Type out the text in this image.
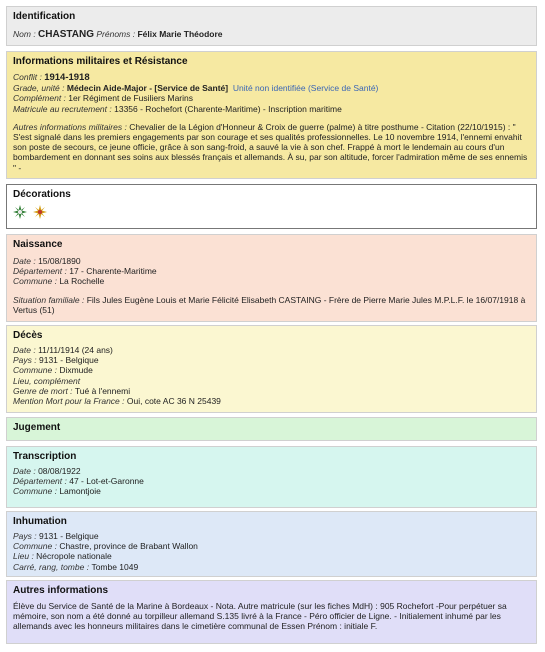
Identification
Nom : CHASTANG Prénoms : Félix Marie Théodore
Informations militaires et Résistance
Conflit : 1914-1918
Grade, unité : Médecin Aide-Major - [Service de Santé] Unité non identifiée (Service de Santé)
Complément : 1er Régiment de Fusiliers Marins
Matricule au recrutement : 13356 - Rochefort (Charente-Maritime) - Inscription maritime
Autres informations militaires : Chevalier de la Légion d'Honneur & Croix de guerre (palme) à titre posthume - Citation (22/10/1915) : " S'est signalé dans les premiers engagements par son courage et ses qualités professionnelles. Le 10 novembre 1914, l'ennemi envahit son poste de secours, ce jeune officie, grâce à son sang-froid, a sauvé la vie à son chef. Frappé à mort le lendemain au cours d'un bombardement en donnant ses soins aux blessés français et allemands. À su, par son altitude, forcer l'admiration même de ses ennemis " -
Décorations

Naissance
Date : 15/08/1890
Département : 17 - Charente-Maritime
Commune : La Rochelle
Situation familiale : Fils Jules Eugène Louis et Marie Félicité Elisabeth CASTAING - Frère de Pierre Marie Jules M.P.L.F. le 16/07/1918 à Vertus (51)
Décès
Date : 11/11/1914 (24 ans)
Pays : 9131 - Belgique
Commune : Dixmude
Lieu, complément
Genre de mort : Tué à l'ennemi
Mention Mort pour la France : Oui, cote AC 36 N 25439
Jugement
Transcription
Date : 08/08/1922
Département : 47 - Lot-et-Garonne
Commune : Lamontjoie
Inhumation
Pays : 9131 - Belgique
Commune : Chastre, province de Brabant Wallon
Lieu : Nécropole nationale
Carré, rang, tombe : Tombe 1049
Autres informations
Élève du Service de Santé de la Marine à Bordeaux - Nota. Autre matricule (sur les fiches MdH) : 905 Rochefort -Pour perpétuer sa mémoire, son nom a été donné au torpilleur allemand S.135 livré à la France - Péro officier de Ligne. - Initialement inhumé par les allemands avec les honneurs militaires dans le cimetière communal de Essen Prénom : initiale F.
